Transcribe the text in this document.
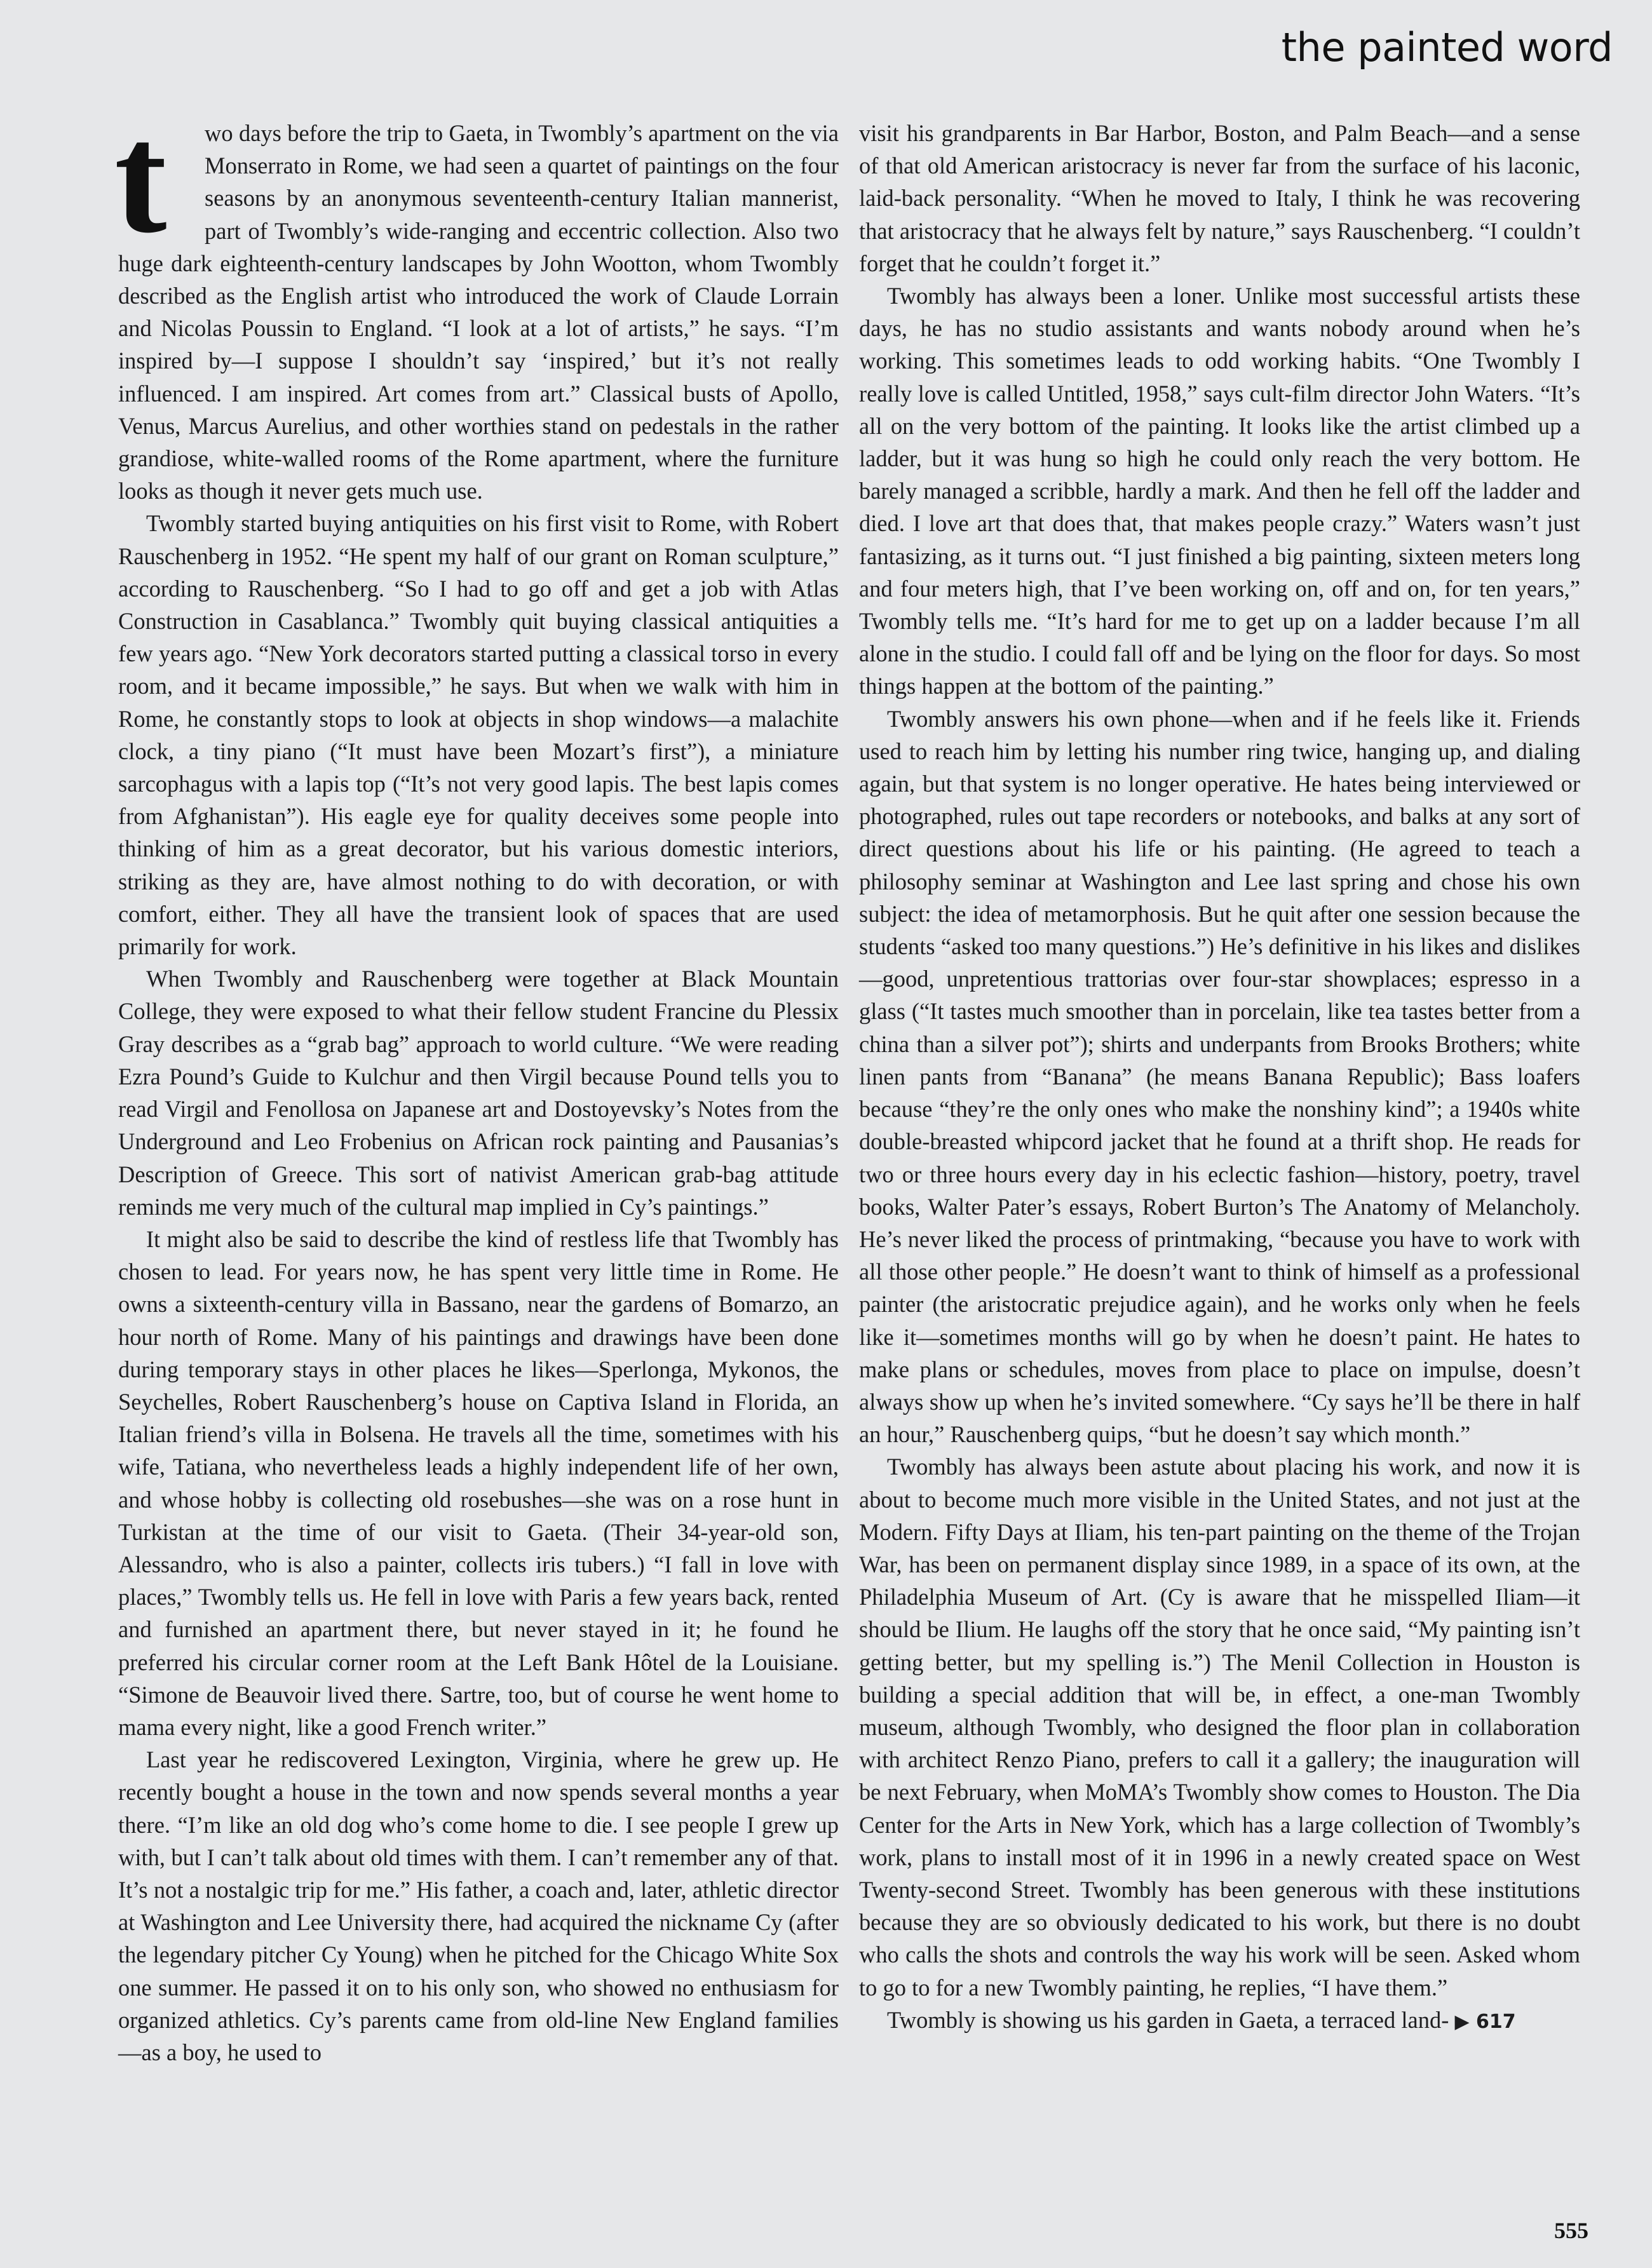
the painted word

t	wo days before the trip to Gaeta, in Twombly’s apartment on the via Monserrato in Rome, we had seen a quartet of paintings on the four seasons by an anonymous seventeenth-century Italian mannerist, part of Twombly’s wide-ranging and eccentric collection. Also two huge dark eighteenth-century landscapes by John Wootton, whom Twombly described as the English artist who introduced the work of Claude Lorrain and Nicolas Poussin to England. “I look at a lot of artists,” he says. “I’m inspired by—I suppose I shouldn’t say ‘inspired,’ but it’s not really influenced. I am inspired. Art comes from art.” Classical busts of Apollo, Venus, Marcus Aurelius, and other worthies stand on pedestals in the rather grandiose, white-walled rooms of the Rome apartment, where the furniture looks as though it never gets much use.

Twombly started buying antiquities on his first visit to Rome, with Robert Rauschenberg in 1952. “He spent my half of our grant on Roman sculpture,” according to Rauschenberg. “So I had to go off and get a job with Atlas Construction in Casablanca.” Twombly quit buying classical antiquities a few years ago. “New York decorators started putting a classical torso in every room, and it became impossible,” he says. But when we walk with him in Rome, he constantly stops to look at objects in shop windows—a malachite clock, a tiny piano (“It must have been Mozart’s first”), a miniature sarcophagus with a lapis top (“It’s not very good lapis. The best lapis comes from Afghanistan”). His eagle eye for quality deceives some people into thinking of him as a great decorator, but his various domestic interiors, striking as they are, have almost nothing to do with decoration, or with comfort, either. They all have the transient look of spaces that are used primarily for work.

When Twombly and Rauschenberg were together at Black Mountain College, they were exposed to what their fellow student Francine du Plessix Gray describes as a “grab bag” approach to world culture. “We were reading Ezra Pound’s Guide to Kulchur and then Virgil because Pound tells you to read Virgil and Fenollosa on Japanese art and Dostoyevsky’s Notes from the Underground and Leo Frobenius on African rock painting and Pausanias’s Description of Greece. This sort of nativist American grab-bag attitude reminds me very much of the cultural map implied in Cy’s paintings.”

It might also be said to describe the kind of restless life that Twombly has chosen to lead. For years now, he has spent very little time in Rome. He owns a sixteenth-century villa in Bassano, near the gardens of Bomarzo, an hour north of Rome. Many of his paintings and drawings have been done during temporary stays in other places he likes—Sperlonga, Mykonos, the Seychelles, Robert Rauschenberg’s house on Captiva Island in Florida, an Italian friend’s villa in Bolsena. He travels all the time, sometimes with his wife, Tatiana, who nevertheless leads a highly independent life of her own, and whose hobby is collecting old rosebushes—she was on a rose hunt in Turkistan at the time of our visit to Gaeta. (Their 34-year-old son, Alessandro, who is also a painter, collects iris tubers.) “I fall in love with places,” Twombly tells us. He fell in love with Paris a few years back, rented and furnished an apartment there, but never stayed in it; he found he preferred his circular corner room at the Left Bank Hôtel de la Louisiane. “Simone de Beauvoir lived there. Sartre, too, but of course he went home to mama every night, like a good French writer.”

Last year he rediscovered Lexington, Virginia, where he grew up. He recently bought a house in the town and now spends several months a year there. “I’m like an old dog who’s come home to die. I see people I grew up with, but I can’t talk about old times with them. I can’t remember any of that. It’s not a nostalgic trip for me.” His father, a coach and, later, athletic director at Washington and Lee University there, had acquired the nickname Cy (after the legendary pitcher Cy Young) when he pitched for the Chicago White Sox one summer. He passed it on to his only son, who showed no enthusiasm for organized athletics. Cy’s parents came from old-line New England families—as a boy, he used to

visit his grandparents in Bar Harbor, Boston, and Palm Beach—and a sense of that old American aristocracy is never far from the surface of his laconic, laid-back personality. “When he moved to Italy, I think he was recovering that aristocracy that he always felt by nature,” says Rauschenberg. “I couldn’t forget that he couldn’t forget it.”

Twombly has always been a loner. Unlike most successful artists these days, he has no studio assistants and wants nobody around when he’s working. This sometimes leads to odd working habits. “One Twombly I really love is called Untitled, 1958,” says cult-film director John Waters. “It’s all on the very bottom of the painting. It looks like the artist climbed up a ladder, but it was hung so high he could only reach the very bottom. He barely managed a scribble, hardly a mark. And then he fell off the ladder and died. I love art that does that, that makes people crazy.” Waters wasn’t just fantasizing, as it turns out. “I just finished a big painting, sixteen meters long and four meters high, that I’ve been working on, off and on, for ten years,” Twombly tells me. “It’s hard for me to get up on a ladder because I’m all alone in the studio. I could fall off and be lying on the floor for days. So most things happen at the bottom of the painting.”

Twombly answers his own phone—when and if he feels like it. Friends used to reach him by letting his number ring twice, hanging up, and dialing again, but that system is no longer operative. He hates being interviewed or photographed, rules out tape recorders or notebooks, and balks at any sort of direct questions about his life or his painting. (He agreed to teach a philosophy seminar at Washington and Lee last spring and chose his own subject: the idea of metamorphosis. But he quit after one session because the students “asked too many questions.”) He’s definitive in his likes and dislikes—good, unpretentious trattorias over four-star showplaces; espresso in a glass (“It tastes much smoother than in porcelain, like tea tastes better from a china than a silver pot”); shirts and underpants from Brooks Brothers; white linen pants from “Banana” (he means Banana Republic); Bass loafers because “they’re the only ones who make the nonshiny kind”; a 1940s white double-breasted whipcord jacket that he found at a thrift shop. He reads for two or three hours every day in his eclectic fashion—history, poetry, travel books, Walter Pater’s essays, Robert Burton’s The Anatomy of Melancholy. He’s never liked the process of printmaking, “because you have to work with all those other people.” He doesn’t want to think of himself as a professional painter (the aristocratic prejudice again), and he works only when he feels like it—sometimes months will go by when he doesn’t paint. He hates to make plans or schedules, moves from place to place on impulse, doesn’t always show up when he’s invited somewhere. “Cy says he’ll be there in half an hour,” Rauschenberg quips, “but he doesn’t say which month.”

Twombly has always been astute about placing his work, and now it is about to become much more visible in the United States, and not just at the Modern. Fifty Days at Iliam, his ten-part painting on the theme of the Trojan War, has been on permanent display since 1989, in a space of its own, at the Philadelphia Museum of Art. (Cy is aware that he misspelled Iliam—it should be Ilium. He laughs off the story that he once said, “My painting isn’t getting better, but my spelling is.”) The Menil Collection in Houston is building a special addition that will be, in effect, a one-man Twombly museum, although Twombly, who designed the floor plan in collaboration with architect Renzo Piano, prefers to call it a gallery; the inauguration will be next February, when MoMA’s Twombly show comes to Houston. The Dia Center for the Arts in New York, which has a large collection of Twombly’s work, plans to install most of it in 1996 in a newly created space on West Twenty-second Street. Twombly has been generous with these institutions because they are so obviously dedicated to his work, but there is no doubt who calls the shots and controls the way his work will be seen. Asked whom to go to for a new Twombly painting, he replies, “I have them.”

Twombly is showing us his garden in Gaeta, a terraced land- ▶ 617

555
